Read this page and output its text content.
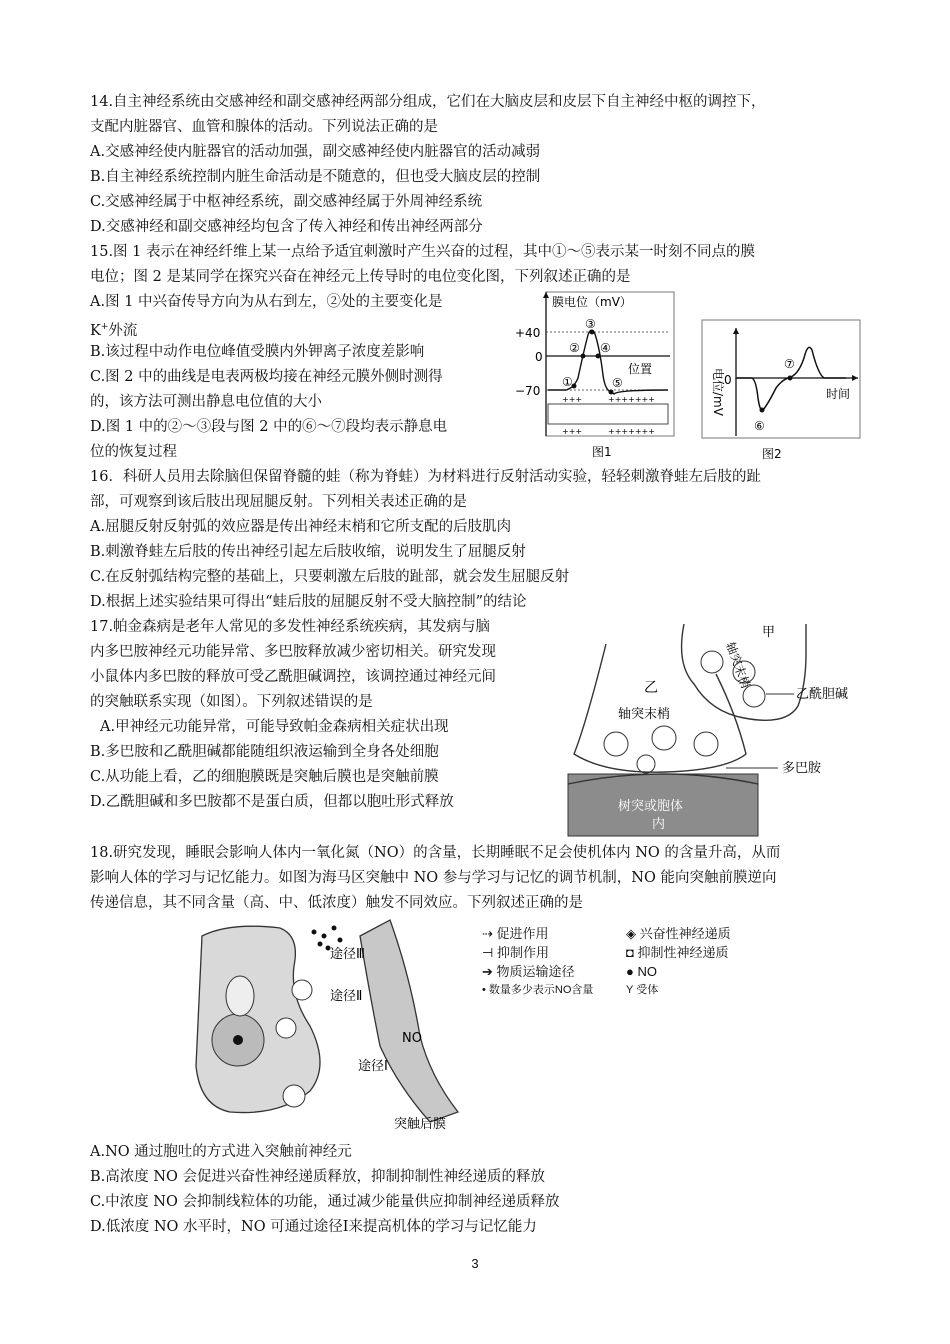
14.自主神经系统由交感神经和副交感神经两部分组成，它们在大脑皮层和皮层下自主神经中枢的调控下，
支配内脏器官、血管和腺体的活动。下列说法正确的是
A.交感神经使内脏器官的活动加强，副交感神经使内脏器官的活动减弱
B.自主神经系统控制内脏生命活动是不随意的，但也受大脑皮层的控制
C.交感神经属于中枢神经系统，副交感神经属于外周神经系统
D.交感神经和副交感神经均包含了传入神经和传出神经两部分
15.图 1 表示在神经纤维上某一点给予适宜刺激时产生兴奋的过程，其中①～⑤表示某一时刻不同点的膜
电位；图 2 是某同学在探究兴奋在神经元上传导时的电位变化图，下列叙述正确的是
A.图 1 中兴奋传导方向为从右到左，②处的主要变化是
K+外流
B.该过程中动作电位峰值受膜内外钾离子浓度差影响
C.图 2 中的曲线是电表两极均接在神经元膜外侧时测得
的，该方法可测出静息电位值的大小
D.图 1 中的②～③段与图 2 中的⑥～⑦段均表示静息电
位的恢复过程
膜电位（mV）
+40
0
−70
位置
①
②
③
④
⑤
+++	+++++++
+++	+++++++
图1
电位/mV 0
时间
⑥
⑦
图2
16．科研人员用去除脑但保留脊髓的蛙（称为脊蛙）为材料进行反射活动实验，轻轻刺激脊蛙左后肢的趾
部，可观察到该后肢出现屈腿反射。下列相关表述正确的是
A.屈腿反射反射弧的效应器是传出神经末梢和它所支配的后肢肌肉
B.刺激脊蛙左后肢的传出神经引起左后肢收缩，说明发生了屈腿反射
C.在反射弧结构完整的基础上，只要刺激左后肢的趾部，就会发生屈腿反射
D.根据上述实验结果可得出“蛙后肢的屈腿反射不受大脑控制”的结论
17.帕金森病是老年人常见的多发性神经系统疾病，其发病与脑
内多巴胺神经元功能异常、多巴胺释放减少密切相关。研究发现
小鼠体内多巴胺的释放可受乙酰胆碱调控，该调控通过神经元间
的突触联系实现（如图）。下列叙述错误的是
A.甲神经元功能异常，可能导致帕金森病相关症状出现
B.多巴胺和乙酰胆碱都能随组织液运输到全身各处细胞
C.从功能上看，乙的细胞膜既是突触后膜也是突触前膜
D.乙酰胆碱和多巴胺都不是蛋白质，但都以胞吐形式释放	树突或胞体
内
乙
轴突末梢
甲
轴突末梢
乙酰胆碱
多巴胺
18.研究发现，睡眠会影响人体内一氧化氮（NO）的含量，长期睡眠不足会使机体内 NO 的含量升高，从而
影响人体的学习与记忆能力。如图为海马区突触中 NO 参与学习与记忆的调节机制，NO 能向突触前膜逆向
传递信息，其不同含量（高、中、低浓度）触发不同效应。下列叙述正确的是
途径Ⅲ
途径Ⅱ
途径Ⅰ
NO
突触后膜
⇢ 促进作用
⊣ 抑制作用
➔ 物质运输途径
• 数量多少表示NO含量
◈ 兴奋性神经递质
◘ 抑制性神经递质
● NO
Y 受体
A.NO 通过胞吐的方式进入突触前神经元
B.高浓度 NO 会促进兴奋性神经递质释放，抑制抑制性神经递质的释放
C.中浓度 NO 会抑制线粒体的功能，通过减少能量供应抑制神经递质释放
D.低浓度 NO 水平时，NO 可通过途径Ⅰ来提高机体的学习与记忆能力
3
